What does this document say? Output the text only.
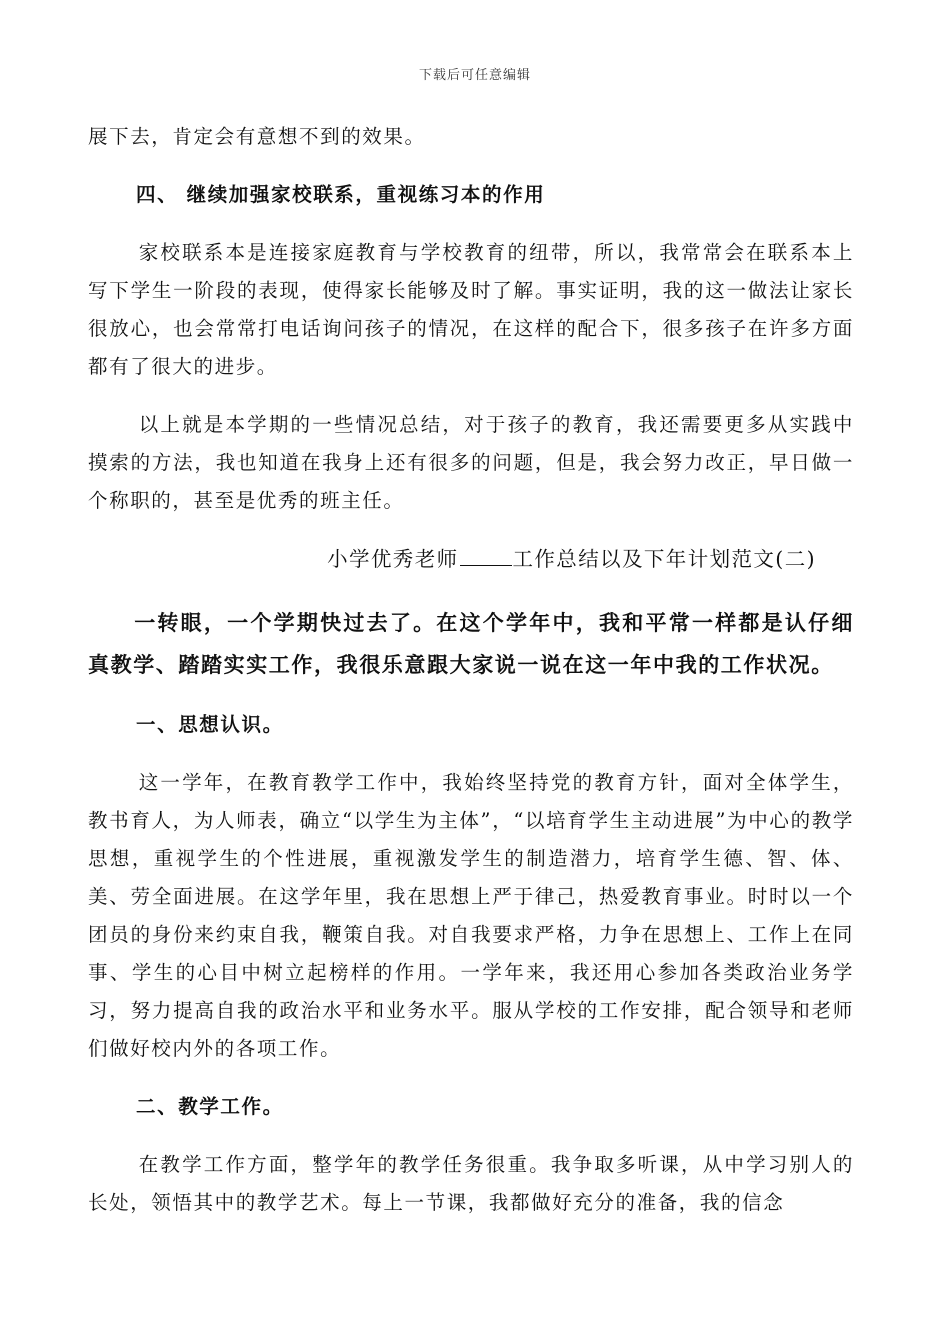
下载后可任意编辑

展下去，肯定会有意想不到的效果。

四、 继续加强家校联系，重视练习本的作用

家校联系本是连接家庭教育与学校教育的纽带，所以，我常常会在联系本上写下学生一阶段的表现，使得家长能够及时了解。事实证明，我的这一做法让家长很放心，也会常常打电话询问孩子的情况，在这样的配合下，很多孩子在许多方面都有了很大的进步。

以上就是本学期的一些情况总结，对于孩子的教育，我还需要更多从实践中摸索的方法，我也知道在我身上还有很多的问题，但是，我会努力改正，早日做一个称职的，甚至是优秀的班主任。

小学优秀老师	工作总结以及下年计划范文(二)

一转眼，一个学期快过去了。在这个学年中，我和平常一样都是认仔细真教学、踏踏实实工作，我很乐意跟大家说一说在这一年中我的工作状况。

一、思想认识。

这一学年，在教育教学工作中，我始终坚持党的教育方针，面对全体学生，教书育人，为人师表，确立“以学生为主体”，“以培育学生主动进展”为中心的教学思想，重视学生的个性进展，重视激发学生的制造潜力，培育学生德、智、体、美、劳全面进展。在这学年里，我在思想上严于律己，热爱教育事业。时时以一个团员的身份来约束自我，鞭策自我。对自我要求严格，力争在思想上、工作上在同事、学生的心目中树立起榜样的作用。一学年来，我还用心参加各类政治业务学习，努力提高自我的政治水平和业务水平。服从学校的工作安排，配合领导和老师们做好校内外的各项工作。

二、教学工作。

在教学工作方面，整学年的教学任务很重。我争取多听课，从中学习别人的长处，领悟其中的教学艺术。每上一节课，我都做好充分的准备，我的信念
